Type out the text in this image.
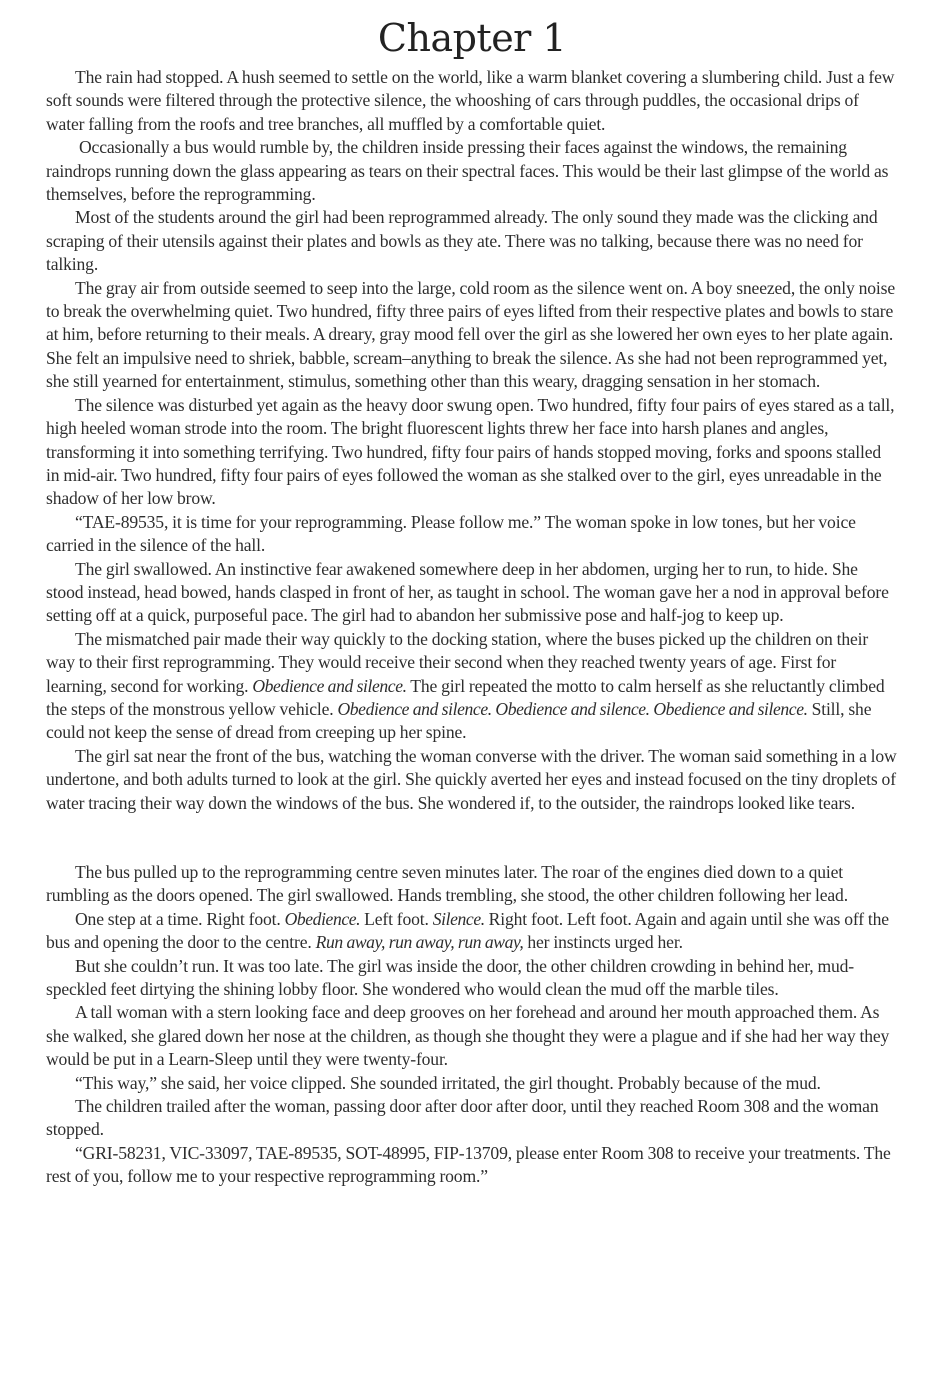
Chapter 1

The rain had stopped. A hush seemed to settle on the world, like a warm blanket covering a slumbering child. Just a few soft sounds were filtered through the protective silence, the whooshing of cars through puddles, the occasional drips of water falling from the roofs and tree branches, all muffled by a comfortable quiet.

Occasionally a bus would rumble by, the children inside pressing their faces against the windows, the remaining raindrops running down the glass appearing as tears on their spectral faces. This would be their last glimpse of the world as themselves, before the reprogramming.

Most of the students around the girl had been reprogrammed already. The only sound they made was the clicking and scraping of their utensils against their plates and bowls as they ate. There was no talking, because there was no need for talking.

The gray air from outside seemed to seep into the large, cold room as the silence went on. A boy sneezed, the only noise to break the overwhelming quiet. Two hundred, fifty three pairs of eyes lifted from their respective plates and bowls to stare at him, before returning to their meals. A dreary, gray mood fell over the girl as she lowered her own eyes to her plate again. She felt an impulsive need to shriek, babble, scream–anything to break the silence. As she had not been reprogrammed yet, she still yearned for entertainment, stimulus, something other than this weary, dragging sensation in her stomach.

The silence was disturbed yet again as the heavy door swung open. Two hundred, fifty four pairs of eyes stared as a tall, high heeled woman strode into the room. The bright fluorescent lights threw her face into harsh planes and angles, transforming it into something terrifying. Two hundred, fifty four pairs of hands stopped moving, forks and spoons stalled in mid-air. Two hundred, fifty four pairs of eyes followed the woman as she stalked over to the girl, eyes unreadable in the shadow of her low brow.

“TAE-89535, it is time for your reprogramming. Please follow me.” The woman spoke in low tones, but her voice carried in the silence of the hall.

The girl swallowed. An instinctive fear awakened somewhere deep in her abdomen, urging her to run, to hide. She stood instead, head bowed, hands clasped in front of her, as taught in school. The woman gave her a nod in approval before setting off at a quick, purposeful pace. The girl had to abandon her submissive pose and half-jog to keep up.

The mismatched pair made their way quickly to the docking station, where the buses picked up the children on their way to their first reprogramming. They would receive their second when they reached twenty years of age. First for learning, second for working. Obedience and silence. The girl repeated the motto to calm herself as she reluctantly climbed the steps of the monstrous yellow vehicle. Obedience and silence. Obedience and silence. Obedience and silence. Still, she could not keep the sense of dread from creeping up her spine.

The girl sat near the front of the bus, watching the woman converse with the driver. The woman said something in a low undertone, and both adults turned to look at the girl. She quickly averted her eyes and instead focused on the tiny droplets of water tracing their way down the windows of the bus. She wondered if, to the outsider, the raindrops looked like tears.

The bus pulled up to the reprogramming centre seven minutes later. The roar of the engines died down to a quiet rumbling as the doors opened. The girl swallowed. Hands trembling, she stood, the other children following her lead.

One step at a time. Right foot. Obedience. Left foot. Silence. Right foot. Left foot. Again and again until she was off the bus and opening the door to the centre. Run away, run away, run away, her instincts urged her.

But she couldn’t run. It was too late. The girl was inside the door, the other children crowding in behind her, mud-speckled feet dirtying the shining lobby floor. She wondered who would clean the mud off the marble tiles.

A tall woman with a stern looking face and deep grooves on her forehead and around her mouth approached them. As she walked, she glared down her nose at the children, as though she thought they were a plague and if she had her way they would be put in a Learn-Sleep until they were twenty-four.

“This way,” she said, her voice clipped. She sounded irritated, the girl thought. Probably because of the mud.

The children trailed after the woman, passing door after door after door, until they reached Room 308 and the woman stopped.

“GRI-58231, VIC-33097, TAE-89535, SOT-48995, FIP-13709, please enter Room 308 to receive your treatments. The rest of you, follow me to your respective reprogramming room.”
